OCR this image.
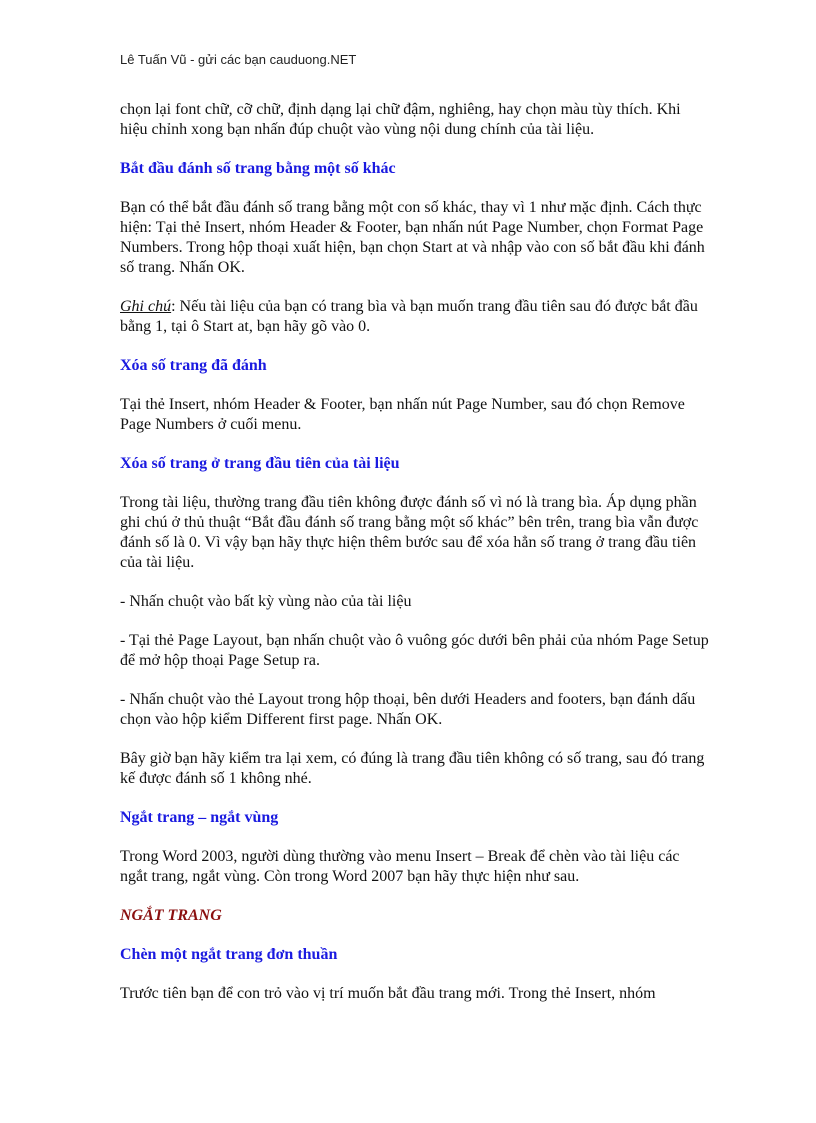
Lê Tuấn Vũ - gửi các bạn cauduong.NET

chọn lại font chữ, cỡ chữ, định dạng lại chữ đậm, nghiêng, hay chọn màu tùy thích. Khi hiệu chỉnh xong bạn nhấn đúp chuột vào vùng nội dung chính của tài liệu.

Bắt đầu đánh số trang bằng một số khác

Bạn có thể bắt đầu đánh số trang bằng một con số khác, thay vì 1 như mặc định. Cách thực hiện: Tại thẻ Insert, nhóm Header & Footer, bạn nhấn nút Page Number, chọn Format Page Numbers. Trong hộp thoại xuất hiện, bạn chọn Start at và nhập vào con số bắt đầu khi đánh số trang. Nhấn OK.

Ghi chú: Nếu tài liệu của bạn có trang bìa và bạn muốn trang đầu tiên sau đó được bắt đầu bằng 1, tại ô Start at, bạn hãy gõ vào 0.

Xóa số trang đã đánh

Tại thẻ Insert, nhóm Header & Footer, bạn nhấn nút Page Number, sau đó chọn Remove Page Numbers ở cuối menu.

Xóa số trang ở trang đầu tiên của tài liệu

Trong tài liệu, thường trang đầu tiên không được đánh số vì nó là trang bìa. Áp dụng phần ghi chú ở thủ thuật “Bắt đầu đánh số trang bằng một số khác” bên trên, trang bìa vẫn được đánh số là 0. Vì vậy bạn hãy thực hiện thêm bước sau để xóa hẳn số trang ở trang đầu tiên của tài liệu.

- Nhấn chuột vào bất kỳ vùng nào của tài liệu

- Tại thẻ Page Layout, bạn nhấn chuột vào ô vuông góc dưới bên phải của nhóm Page Setup để mở hộp thoại Page Setup ra.

- Nhấn chuột vào thẻ Layout trong hộp thoại, bên dưới Headers and footers, bạn đánh dấu chọn vào hộp kiểm Different first page. Nhấn OK.

Bây giờ bạn hãy kiểm tra lại xem, có đúng là trang đầu tiên không có số trang, sau đó trang kế được đánh số 1 không nhé.

Ngắt trang – ngắt vùng

Trong Word 2003, người dùng thường vào menu Insert – Break để chèn vào tài liệu các ngắt trang, ngắt vùng. Còn trong Word 2007 bạn hãy thực hiện như sau.

NGẮT TRANG
Chèn một ngắt trang đơn thuần

Trước tiên bạn để con trỏ vào vị trí muốn bắt đầu trang mới. Trong thẻ Insert, nhóm
